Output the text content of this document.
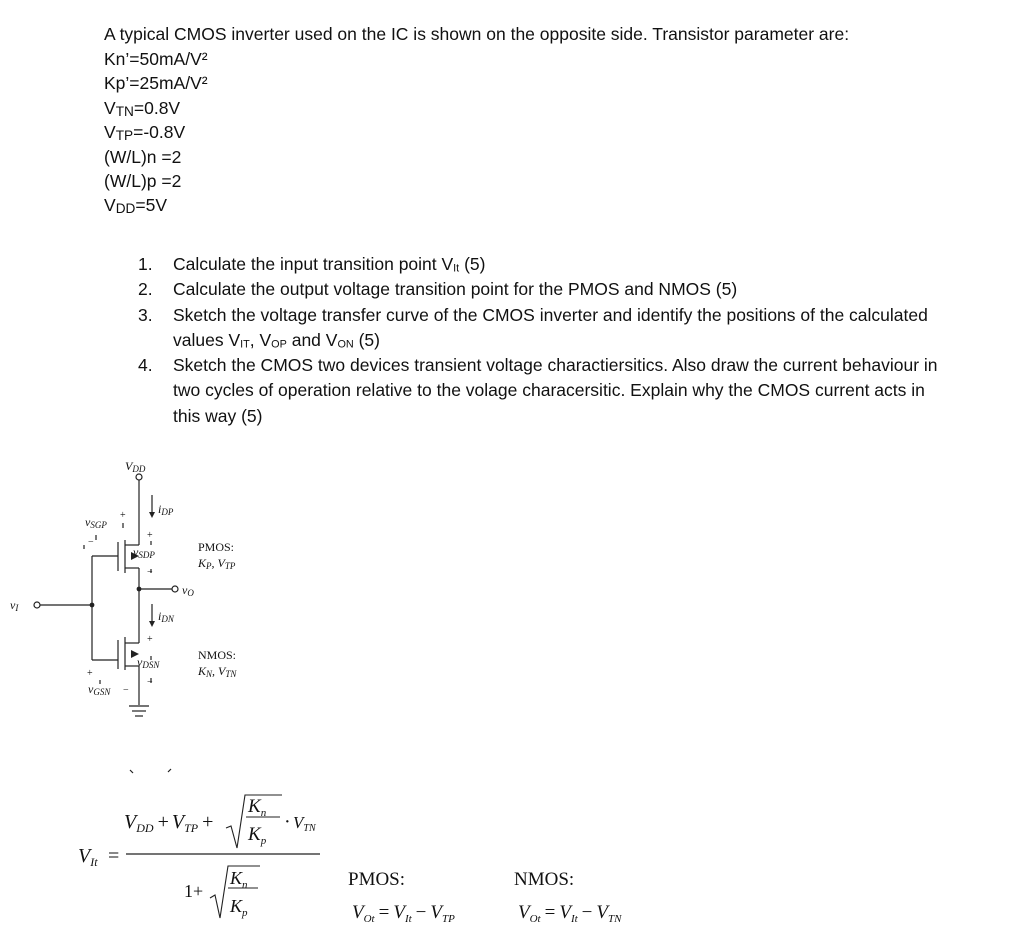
A typical CMOS inverter used on the IC is shown on the opposite side. Transistor parameter are:

Kn’=50mA/V²
Kp’=25mA/V²
$V_{TN}=0.8V$
$V_{TP}=-0.8V$
(W/L)n =2
(W/L)p =2
$V_{DD}=5V$
1. Calculate the input transition point $V_{It}$ (5)
2. Calculate the output voltage transition point for the PMOS and NMOS (5)
3. Sketch the voltage transfer curve of the CMOS inverter and identify the positions of the calculated values $V_{IT}$, $V_{OP}$ and $V_{ON}$ (5)
4. Sketch the CMOS two devices transient voltage charactiersitics. Also draw the current behaviour in two cycles of operation relative to the volage characersitic. Explain why the CMOS current acts in this way (5)
VDD
iDP
vSGP
vSDP
vO
vI
iDN
vDSN
vGSN
+
+
+
+
−
−
−
−
PMOS:
KP, VTP
NMOS:
KN, VTN
$V_{It}$ =
$V_{DD} + V_{TP}$ +
$K_n$
$K_p$
· VTN
1+
$K_n$
$K_p$
PMOS:	NMOS:
$V_{Ot} = V_{It} - V_{TP}$	$V_{Ot} = V_{It} - V_{TN}$
